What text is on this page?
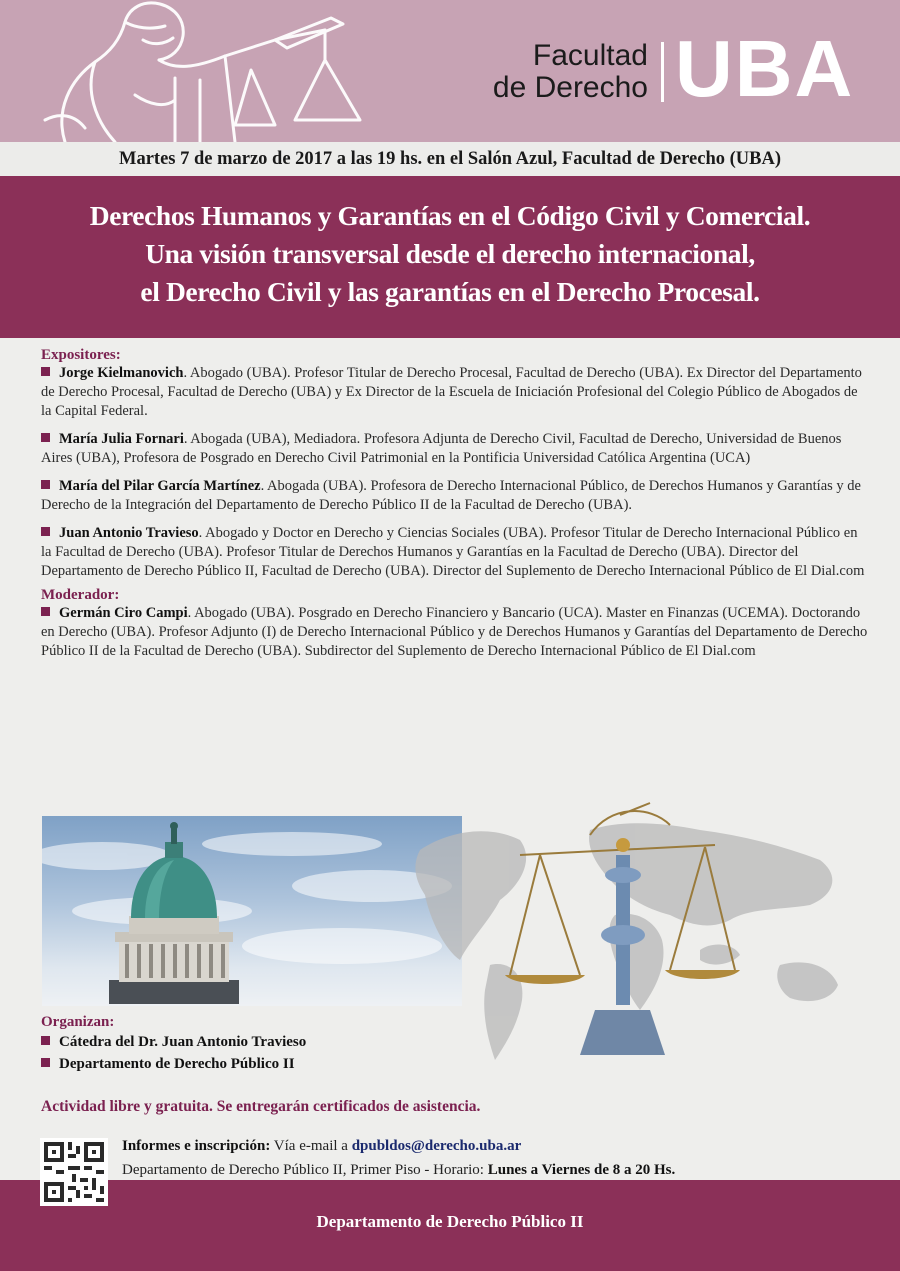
Facultad
de Derecho UBA
Martes 7 de marzo de 2017 a las 19 hs. en el Salón Azul, Facultad de Derecho (UBA)
Derechos Humanos y Garantías en el Código Civil y Comercial.
Una visión transversal desde el derecho internacional,
el Derecho Civil y las garantías en el Derecho Procesal.
Expositores:
Jorge Kielmanovich. Abogado (UBA). Profesor Titular de Derecho Procesal, Facultad de Derecho (UBA). Ex Director del Departamento de Derecho Procesal, Facultad de Derecho (UBA) y Ex Director de la Escuela de Iniciación Profesional del Colegio Público de Abogados de la Capital Federal.
María Julia Fornari. Abogada (UBA), Mediadora. Profesora Adjunta de Derecho Civil, Facultad de Derecho, Universidad de Buenos Aires (UBA), Profesora de Posgrado en Derecho Civil Patrimonial en la Pontificia Universidad Católica Argentina (UCA)
María del Pilar García Martínez. Abogada (UBA). Profesora de Derecho Internacional Público, de Derechos Humanos y Garantías y de Derecho de la Integración del Departamento de Derecho Público II de la Facultad de Derecho (UBA).
Juan Antonio Travieso. Abogado y Doctor en Derecho y Ciencias Sociales (UBA). Profesor Titular de Derecho Internacional Público en la Facultad de Derecho (UBA). Profesor Titular de Derechos Humanos y Garantías en la Facultad de Derecho (UBA). Director del Departamento de Derecho Público II, Facultad de Derecho (UBA). Director del Suplemento de Derecho Internacional Público de El Dial.com
Moderador:
Germán Ciro Campi. Abogado (UBA). Posgrado en Derecho Financiero y Bancario (UCA). Master en Finanzas (UCEMA). Doctorando en Derecho (UBA). Profesor Adjunto (I) de Derecho Internacional Público y de Derechos Humanos y Garantías del Departamento de Derecho Público II de la Facultad de Derecho (UBA). Subdirector del Suplemento de Derecho Internacional Público de El Dial.com
Organizan:
Cátedra del Dr. Juan Antonio Travieso
Departamento de Derecho Público II
Actividad libre y gratuita. Se entregarán certificados de asistencia.
Informes e inscripción: Vía e-mail a dpubldos@derecho.uba.ar
Departamento de Derecho Público II, Primer Piso - Horario: Lunes a Viernes de 8 a 20 Hs.
Departamento de Derecho Público II
